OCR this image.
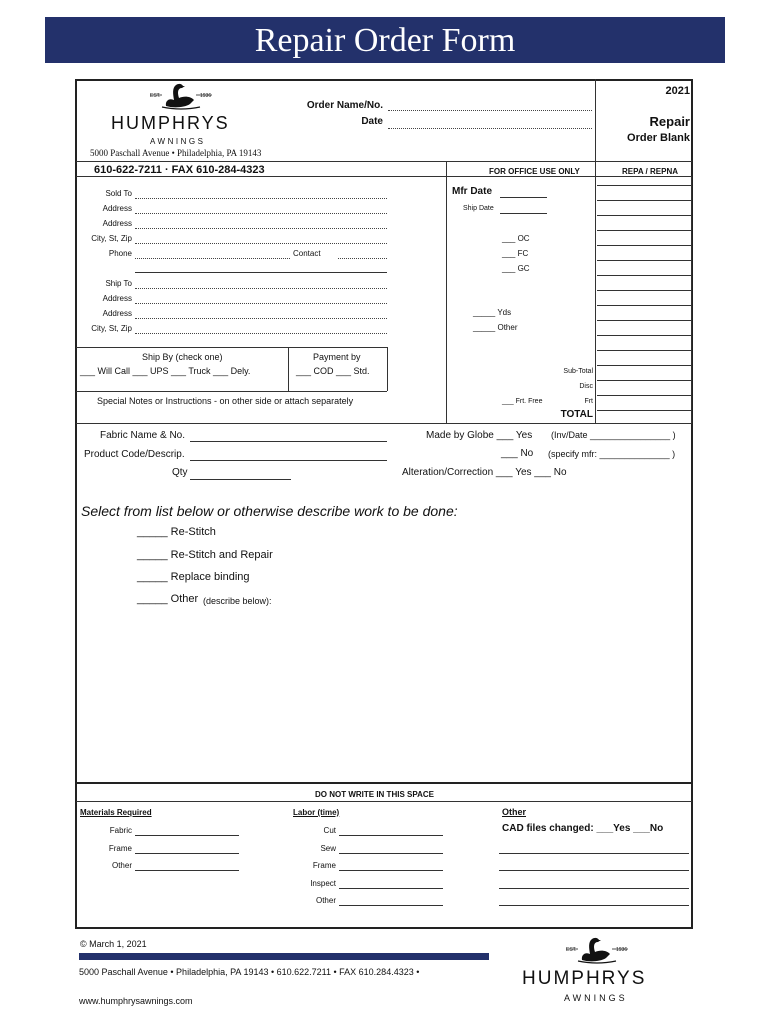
Repair Order Form
EST.	1936
HUMPHRYS
AWNINGS
5000 Paschall Avenue • Philadelphia, PA 19143
610-622-7211 · FAX 610-284-4323
2021
Repair
Order Blank
Order Name/No.
Date
FOR OFFICE USE ONLY	REPA / REPNA
Sold To
Address
Address
City, St, Zip
Phone	Contact
Ship To
Address
Address
City, St, Zip
Ship By (check one)
___ Will Call ___ UPS ___ Truck ___ Dely.
Payment by
___ COD ___ Std.
Special Notes or Instructions - on other side or attach separately
Mfr Date
Ship Date
___ OC
___ FC
___ GC
_____ Yds
_____ Other
Sub-Total
Disc
___ Frt. Free	Frt
TOTAL
Fabric Name & No.
Product Code/Descrip.
Qty
Made by Globe ___ Yes (Inv/Date ________________ )
___ No (specify mfr: ______________ )
Alteration/Correction ___ Yes ___ No
Select from list below or otherwise describe work to be done:
_____ Re-Stitch
_____ Re-Stitch and Repair
_____ Replace binding
_____ Other (describe below):
DO NOT WRITE IN THIS SPACE
Materials Required
Fabric
Frame
Other
Labor (time)
Cut
Sew
Frame
Inspect
Other
Other
CAD files changed: ___Yes ___No
© March 1, 2021
5000 Paschall Avenue • Philadelphia, PA 19143 • 610.622.7211 • FAX 610.284.4323 •
www.humphrysawnings.com
EST.	1936
HUMPHRYS
AWNINGS
